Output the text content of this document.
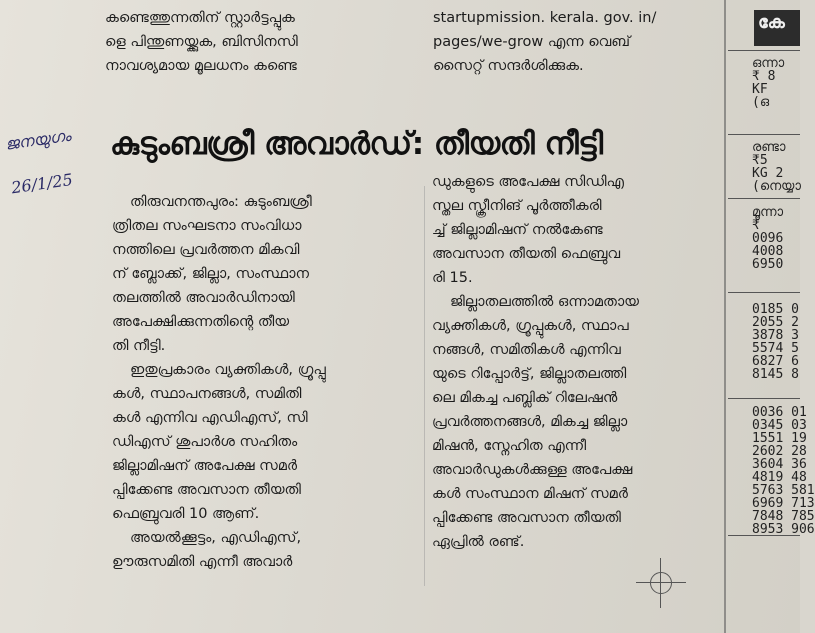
കണ്ടെത്തുന്നതിന് സ്റ്റാർട്ടപ്പുക

ളെ പിന്തുണയ്ക്കുക, ബിസിനസി

നാവശ്യമായ മൂലധനം കണ്ടെ

startupmission. kerala. gov. in/

pages/we-grow എന്ന വെബ്

സൈറ്റ് സന്ദർശിക്കുക.

ജനയുഗം

26/1/25

കുടുംബശ്രീ അവാർഡ്: തീയതി നീട്ടി

തിരുവനന്തപുരം: കുടുംബശ്രീ

ത്രിതല സംഘടനാ സംവിധാ

നത്തിലെ പ്രവർത്തന മികവി

ന് ബ്ലോക്ക്, ജില്ലാ, സംസ്ഥാന

തലത്തിൽ അവാർഡിനായി

അപേക്ഷിക്കുന്നതിന്റെ തീയ

തി നീട്ടി.

ഇതുപ്രകാരം വ്യക്തികൾ, ഗ്രൂപ്പു

കൾ, സ്ഥാപനങ്ങൾ, സമിതി

കൾ എന്നിവ എഡിഎസ്, സി

ഡിഎസ് ശുപാർശ സഹിതം

ജില്ലാമിഷന് അപേക്ഷ സമർ

പ്പിക്കേണ്ട അവസാന തീയതി

ഫെബ്രുവരി 10 ആണ്.

അയൽക്കൂട്ടം, എഡിഎസ്,

ഊരുസമിതി എന്നീ അവാർ

ഡുകളുടെ അപേക്ഷ സിഡിഎ

സ്തല സ്ക്രീനിങ് പൂർത്തീകരി

ച്ച് ജില്ലാമിഷന് നൽകേണ്ട

അവസാന തീയതി ഫെബ്രുവ

രി 15.

ജില്ലാതലത്തിൽ ഒന്നാമതായ

വ്യക്തികൾ, ഗ്രൂപ്പുകൾ, സ്ഥാപ

നങ്ങൾ, സമിതികൾ എന്നിവ

യുടെ റിപ്പോർട്ട്, ജില്ലാതലത്തി

ലെ മികച്ച പബ്ലിക് റിലേഷൻ

പ്രവർത്തനങ്ങൾ, മികച്ച ജില്ലാ

മിഷൻ, സ്നേഹിത എന്നീ

അവാർഡുകൾക്കുള്ള അപേക്ഷ

കൾ സംസ്ഥാന മിഷന് സമർ

പ്പിക്കേണ്ട അവസാന തീയതി

ഏപ്രിൽ രണ്ട്.

കേ
ഒന്നാ
₹ 8
KF
(ഒ
രണ്ടാ
₹5
KG 2
(നെയ്യാ
മൂന്നാ
₹
0096
4008
6950
0185 0
2055 2
3878 3
5574 5
6827 6
8145 8
0036 01
0345 03
1551 19
2602 28
3604 36
4819 48
5763 581
6969 713
7848 785
8953 906
